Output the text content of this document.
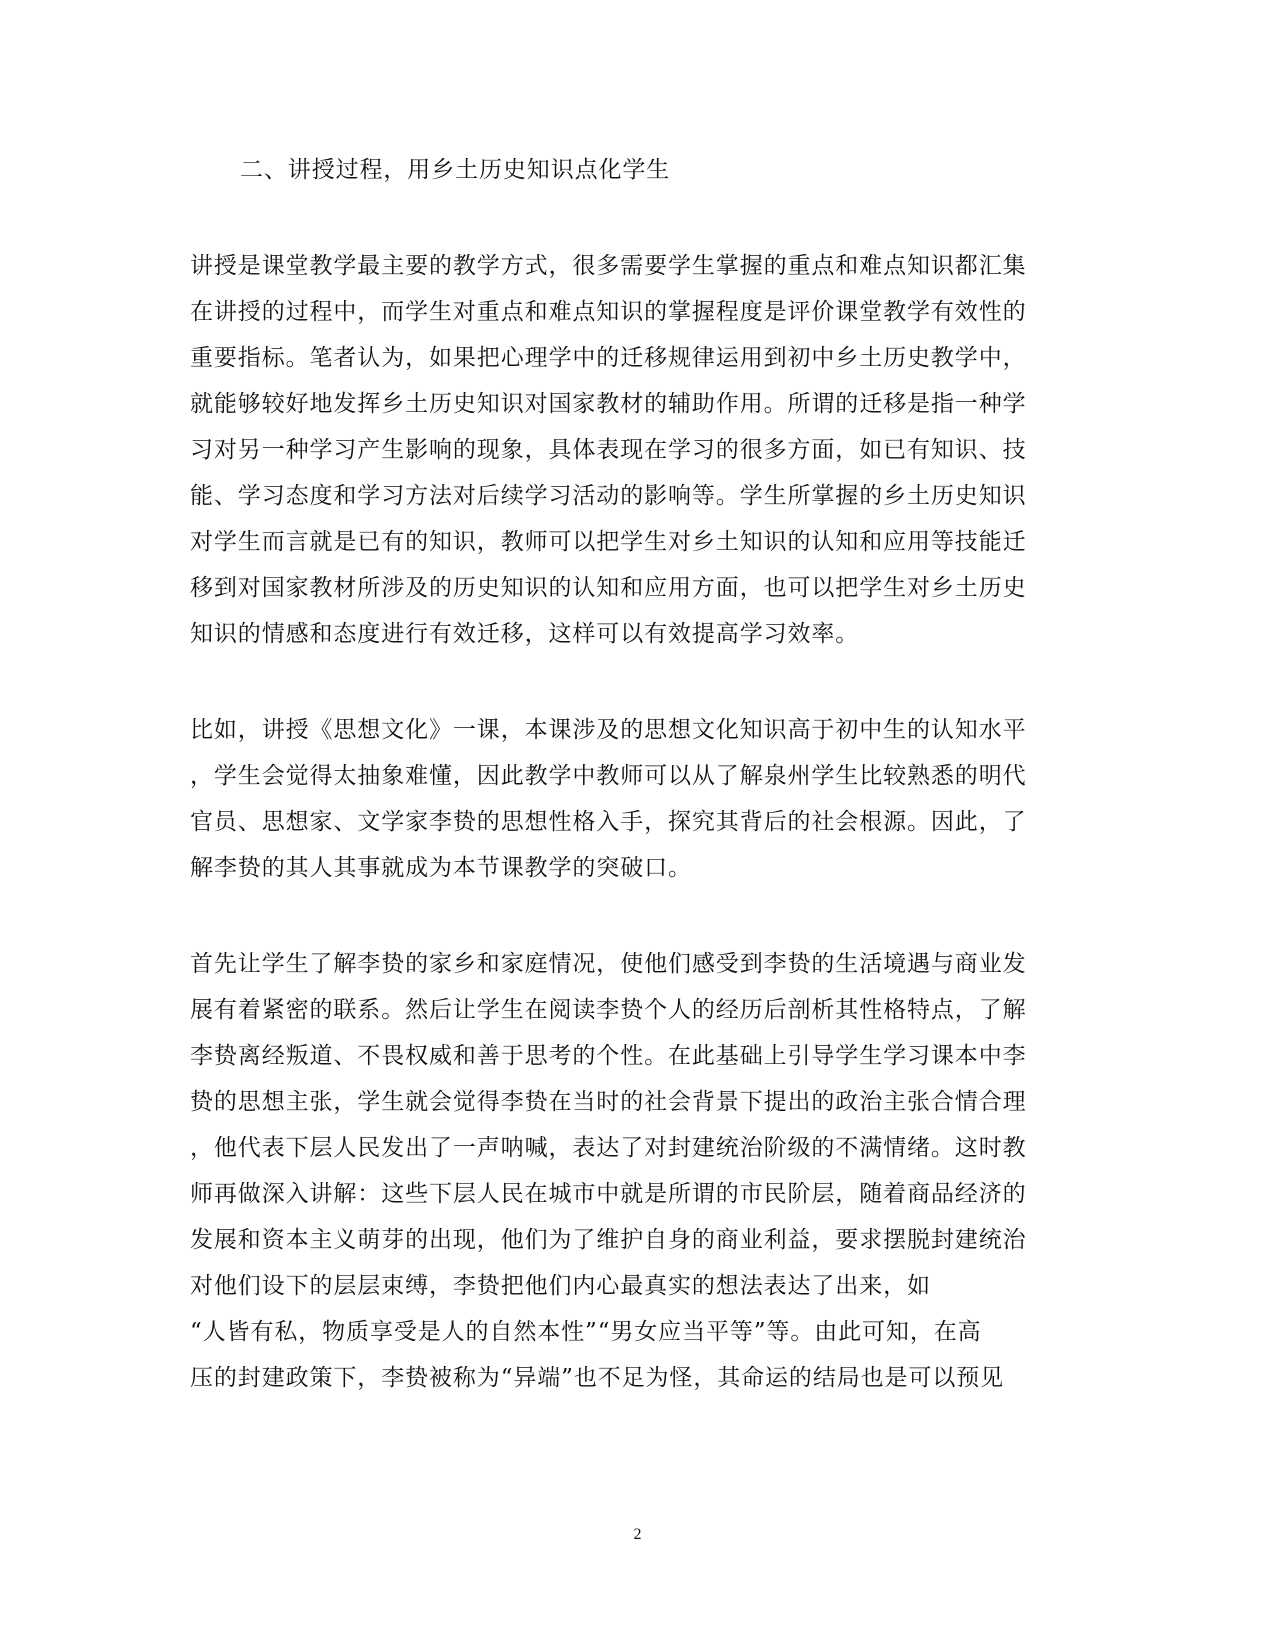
二、讲授过程，用乡土历史知识点化学生
讲授是课堂教学最主要的教学方式，很多需要学生掌握的重点和难点知识都汇集
在讲授的过程中，而学生对重点和难点知识的掌握程度是评价课堂教学有效性的
重要指标。笔者认为，如果把心理学中的迁移规律运用到初中乡土历史教学中，
就能够较好地发挥乡土历史知识对国家教材的辅助作用。所谓的迁移是指一种学
习对另一种学习产生影响的现象，具体表现在学习的很多方面，如已有知识、技
能、学习态度和学习方法对后续学习活动的影响等。学生所掌握的乡土历史知识
对学生而言就是已有的知识，教师可以把学生对乡土知识的认知和应用等技能迁
移到对国家教材所涉及的历史知识的认知和应用方面，也可以把学生对乡土历史
知识的情感和态度进行有效迁移，这样可以有效提高学习效率。
比如，讲授《思想文化》一课，本课涉及的思想文化知识高于初中生的认知水平
，学生会觉得太抽象难懂，因此教学中教师可以从了解泉州学生比较熟悉的明代
官员、思想家、文学家李贽的思想性格入手，探究其背后的社会根源。因此，了
解李贽的其人其事就成为本节课教学的突破口。
首先让学生了解李贽的家乡和家庭情况，使他们感受到李贽的生活境遇与商业发
展有着紧密的联系。然后让学生在阅读李贽个人的经历后剖析其性格特点，了解
李贽离经叛道、不畏权威和善于思考的个性。在此基础上引导学生学习课本中李
贽的思想主张，学生就会觉得李贽在当时的社会背景下提出的政治主张合情合理
，他代表下层人民发出了一声呐喊，表达了对封建统治阶级的不满情绪。这时教
师再做深入讲解：这些下层人民在城市中就是所谓的市民阶层，随着商品经济的
发展和资本主义萌芽的出现，他们为了维护自身的商业利益，要求摆脱封建统治
对他们设下的层层束缚，李贽把他们内心最真实的想法表达了出来，如
“人皆有私，物质享受是人的自然本性”“男女应当平等”等。由此可知，在高
压的封建政策下，李贽被称为“异端”也不足为怪，其命运的结局也是可以预见
2
